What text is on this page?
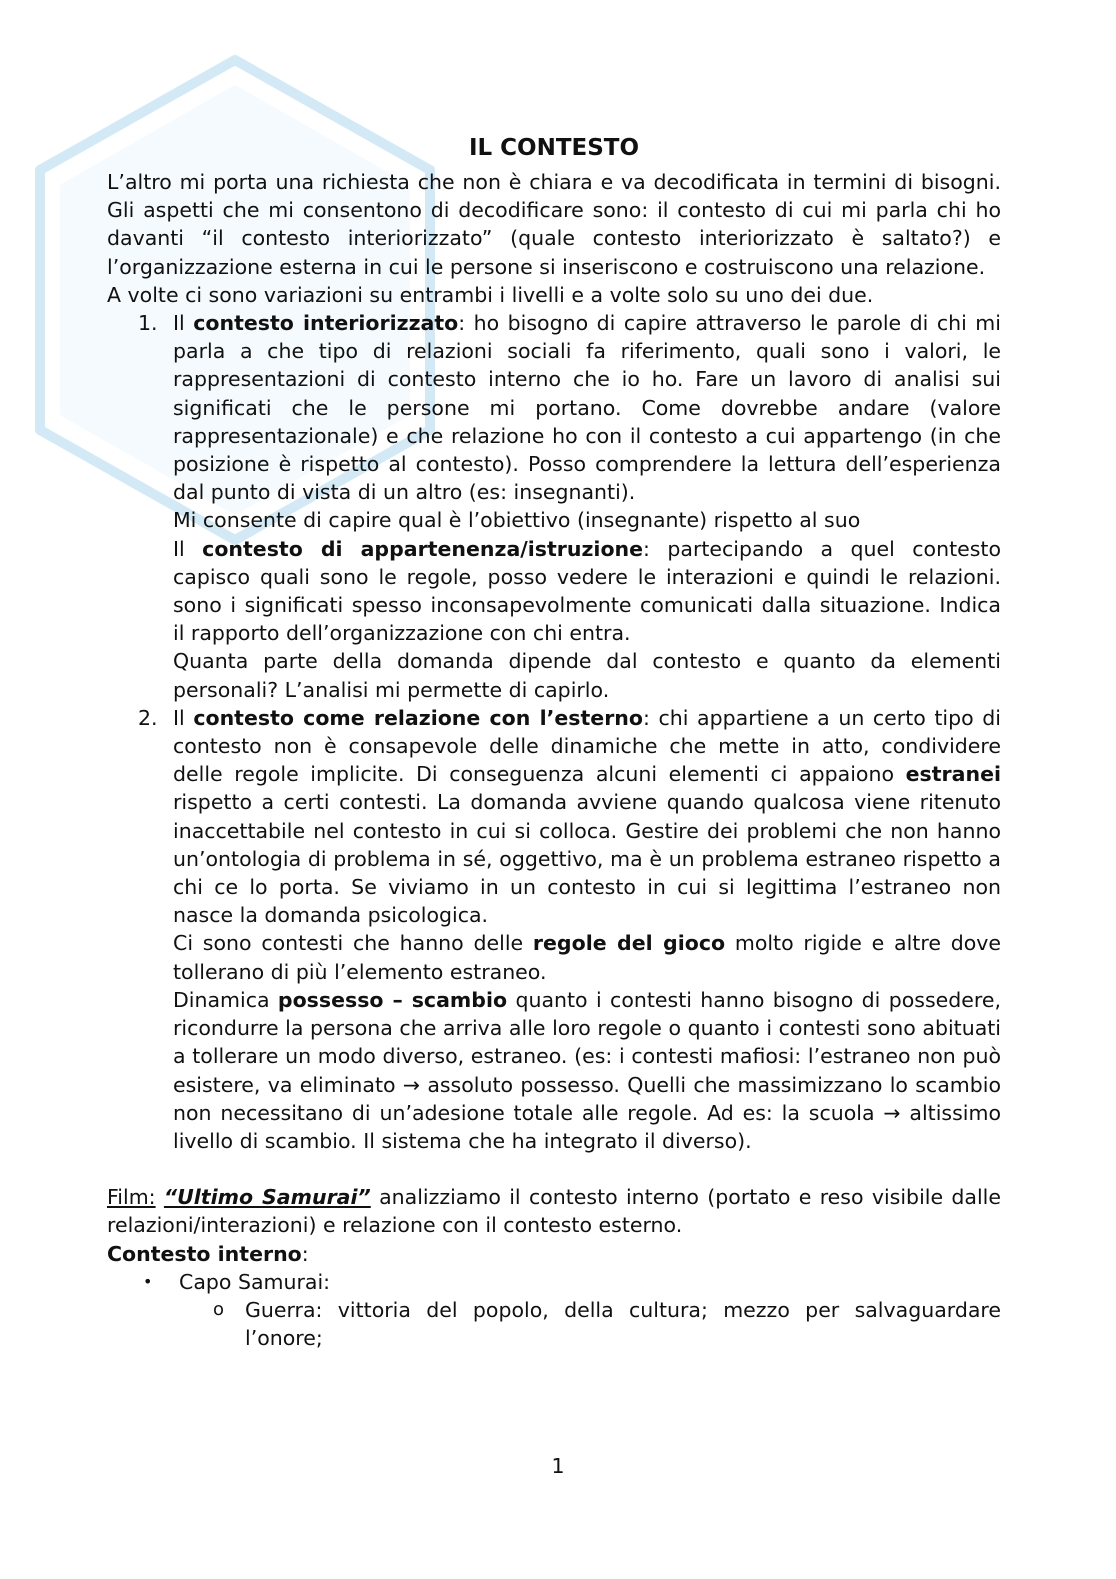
IL CONTESTO

L’altro mi porta una richiesta che non è chiara e va decodificata in termini di bisogni. Gli aspetti che mi consentono di decodificare sono: il contesto di cui mi parla chi ho davanti “il contesto interiorizzato” (quale contesto interiorizzato è saltato?) e l’organizzazione esterna in cui le persone si inseriscono e costruiscono una relazione.

A volte ci sono variazioni su entrambi i livelli e a volte solo su uno dei due.

1. Il contesto interiorizzato: ho bisogno di capire attraverso le parole di chi mi parla a che tipo di relazioni sociali fa riferimento, quali sono i valori, le rappresentazioni di contesto interno che io ho. Fare un lavoro di analisi sui significati che le persone mi portano. Come dovrebbe andare (valore rappresentazionale) e che relazione ho con il contesto a cui appartengo (in che posizione è rispetto al contesto). Posso comprendere la lettura dell’esperienza dal punto di vista di un altro (es: insegnanti).

Mi consente di capire qual è l’obiettivo (insegnante) rispetto al suo

Il contesto di appartenenza/istruzione: partecipando a quel contesto capisco quali sono le regole, posso vedere le interazioni e quindi le relazioni. sono i significati spesso inconsapevolmente comunicati dalla situazione. Indica il rapporto dell’organizzazione con chi entra.

Quanta parte della domanda dipende dal contesto e quanto da elementi personali? L’analisi mi permette di capirlo.

2. Il contesto come relazione con l’esterno: chi appartiene a un certo tipo di contesto non è consapevole delle dinamiche che mette in atto, condividere delle regole implicite. Di conseguenza alcuni elementi ci appaiono estranei rispetto a certi contesti. La domanda avviene quando qualcosa viene ritenuto inaccettabile nel contesto in cui si colloca. Gestire dei problemi che non hanno un’ontologia di problema in sé, oggettivo, ma è un problema estraneo rispetto a chi ce lo porta. Se viviamo in un contesto in cui si legittima l’estraneo non nasce la domanda psicologica.

Ci sono contesti che hanno delle regole del gioco molto rigide e altre dove tollerano di più l’elemento estraneo.

Dinamica possesso – scambio quanto i contesti hanno bisogno di possedere, ricondurre la persona che arriva alle loro regole o quanto i contesti sono abituati a tollerare un modo diverso, estraneo. (es: i contesti mafiosi: l’estraneo non può esistere, va eliminato → assoluto possesso. Quelli che massimizzano lo scambio non necessitano di un’adesione totale alle regole. Ad es: la scuola → altissimo livello di scambio. Il sistema che ha integrato il diverso).

Film: “Ultimo Samurai” analizziamo il contesto interno (portato e reso visibile dalle relazioni/interazioni) e relazione con il contesto esterno.

Contesto interno:

• Capo Samurai:
o Guerra: vittoria del popolo, della cultura; mezzo per salvaguardare l’onore;
1
